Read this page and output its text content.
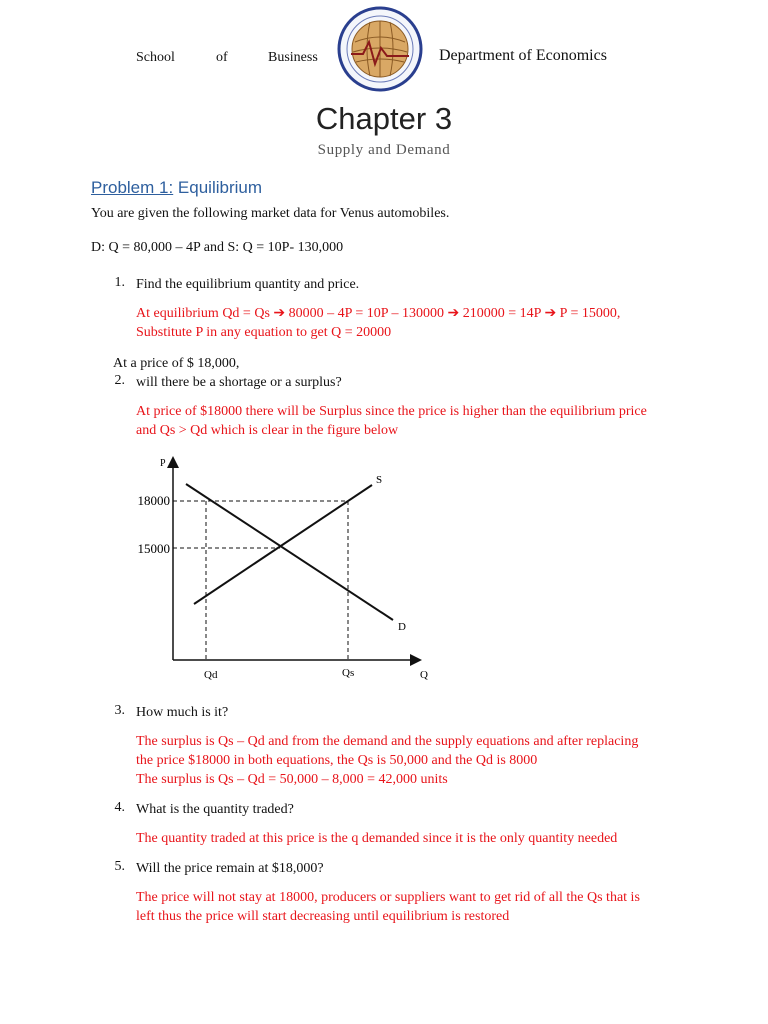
School	of	Business	Department of Economics
Chapter 3
Supply and Demand
Problem 1: Equilibrium
You are given the following market data for Venus automobiles.
D: Q = 80,000 – 4P and S: Q = 10P- 130,000
1. Find the equilibrium quantity and price.
At equilibrium Qd = Qs ➔ 80000 – 4P = 10P – 130000 ➔ 210000 = 14P ➔ P = 15000,
Substitute P in any equation to get Q = 20000
At a price of $ 18,000,
2. will there be a shortage or a surplus?
At price of $18000 there will be Surplus since the price is higher than the equilibrium price
and Qs > Qd which is clear in the figure below
P
Q
18000
15000
S
D
Qd	Qs
3. How much is it?
The surplus is Qs – Qd and from the demand and the supply equations and after replacing
the price $18000 in both equations, the Qs is 50,000 and the Qd is 8000
The surplus is Qs – Qd = 50,000 – 8,000 = 42,000 units
4. What is the quantity traded?
The quantity traded at this price is the q demanded since it is the only quantity needed
5. Will the price remain at $18,000?
The price will not stay at 18000, producers or suppliers want to get rid of all the Qs that is
left thus the price will start decreasing until equilibrium is restored
